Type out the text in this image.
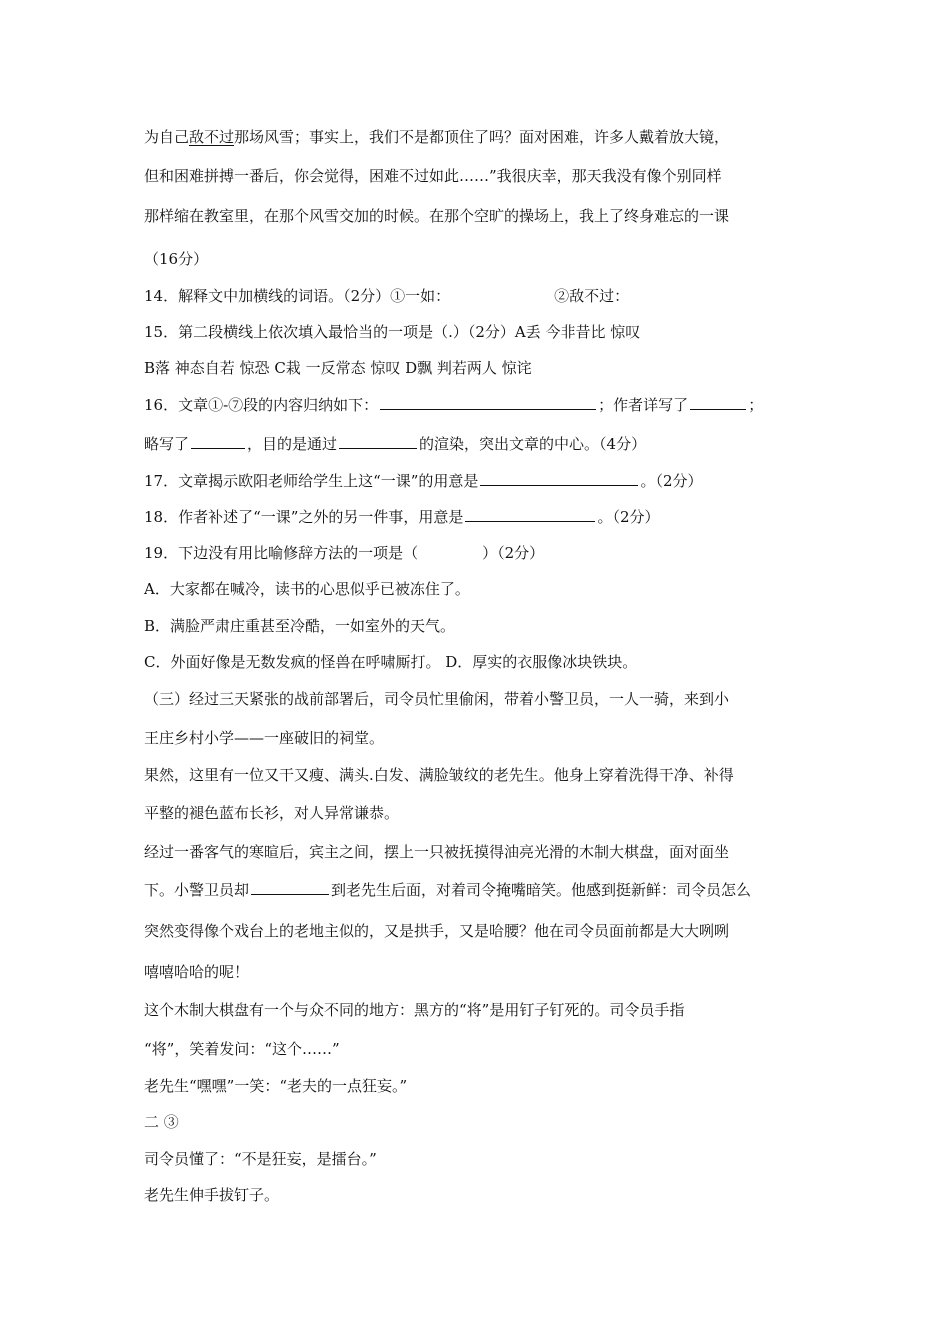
为自己敌不过那场风雪；事实上，我们不是都顶住了吗？面对困难，许多人戴着放大镜，
但和困难拼搏一番后，你会觉得，困难不过如此……”我很庆幸，那天我没有像个别同样
那样缩在教室里，在那个风雪交加的时候。在那个空旷的操场上，我上了终身难忘的一课
（16分）
14．解释文中加横线的词语。（2分）①一如：	②敌不过：
15．第二段横线上依次填入最恰当的一项是（.）（2分）A丢 今非昔比 惊叹
B落 神态自若 惊恐 C栽 一反常态 惊叹 D飘 判若两人 惊诧
16．文章①-⑦段的内容归纳如下：	；作者详写了	；
略写了	，目的是通过	的渲染，突出文章的中心。（4分）
17．文章揭示欧阳老师给学生上这“一课”的用意是	。（2分）
18．作者补述了“一课”之外的另一件事，用意是	。（2分）
19．下边没有用比喻修辞方法的一项是（	）（2分）
A．大家都在喊冷，读书的心思似乎已被冻住了。
B．满脸严肃庄重甚至冷酷，一如室外的天气。
C．外面好像是无数发疯的怪兽在呼啸厮打。 D．厚实的衣服像冰块铁块。
（三）经过三天紧张的战前部署后，司令员忙里偷闲，带着小警卫员，一人一骑，来到小
王庄乡村小学——一座破旧的祠堂。
果然，这里有一位又干又瘦、满头.白发、满脸皱纹的老先生。他身上穿着洗得干净、补得
平整的褪色蓝布长衫，对人异常谦恭。
经过一番客气的寒暄后，宾主之间，摆上一只被抚摸得油亮光滑的木制大棋盘，面对面坐
下。小警卫员却	到老先生后面，对着司令掩嘴暗笑。他感到挺新鲜：司令员怎么
突然变得像个戏台上的老地主似的，又是拱手，又是哈腰？他在司令员面前都是大大咧咧
嘻嘻哈哈的呢！
这个木制大棋盘有一个与众不同的地方：黑方的“将”是用钉子钉死的。司令员手指
“将”，笑着发问：“这个……”
老先生“嘿嘿”一笑：“老夫的一点狂妄。”
二 ③
司令员懂了：“不是狂妄，是擂台。”
老先生伸手拔钉子。
